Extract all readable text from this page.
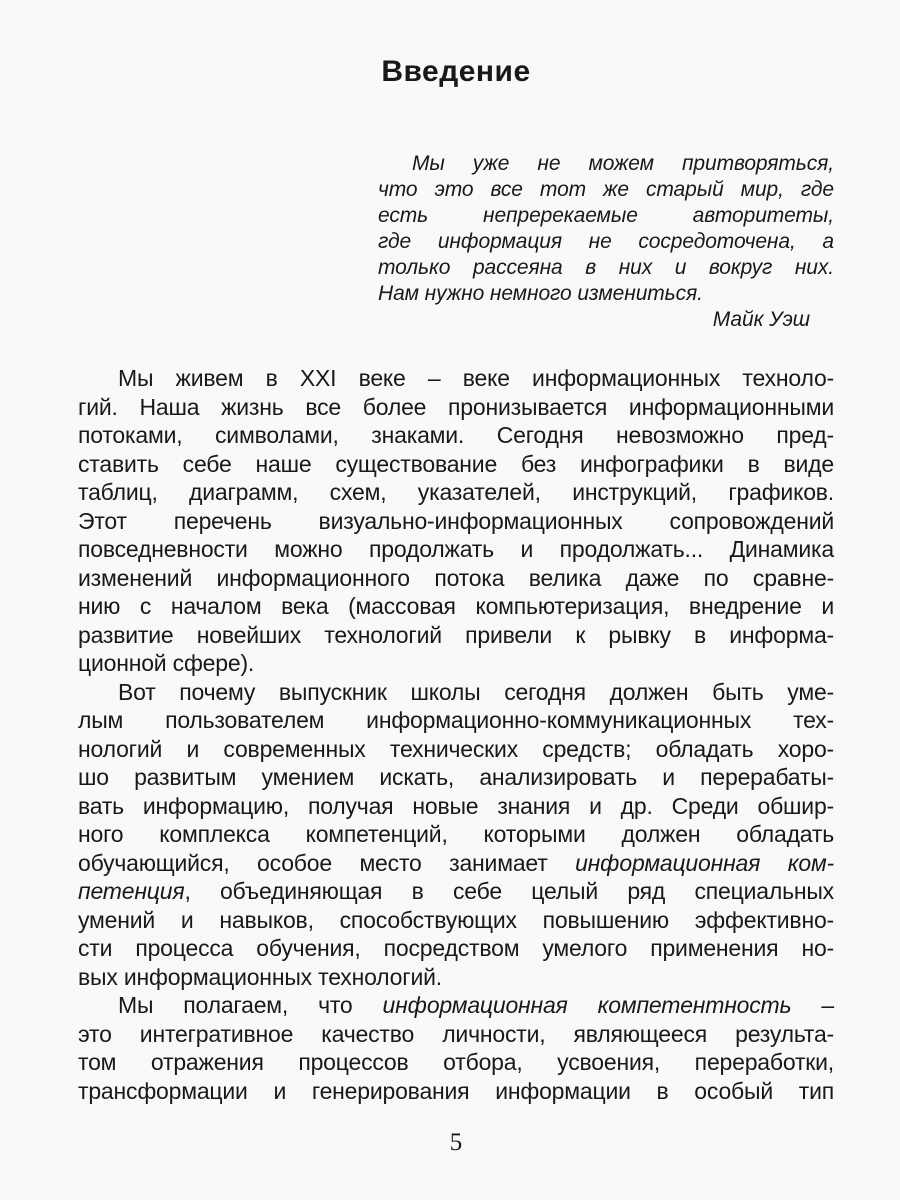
Введение
Мы уже не можем притворяться,
что это все тот же старый мир, где
есть непререкаемые авторитеты,
где информация не сосредоточена, а
только рассеяна в них и вокруг них.
Нам нужно немного измениться.
Майк Уэш
Мы живем в XXI веке – веке информационных техноло-
гий. Наша жизнь все более пронизывается информационными
потоками, символами, знаками. Сегодня невозможно пред-
ставить себе наше существование без инфографики в виде
таблиц, диаграмм, схем, указателей, инструкций, графиков.
Этот перечень визуально-информационных сопровождений
повседневности можно продолжать и продолжать... Динамика
изменений информационного потока велика даже по сравне-
нию с началом века (массовая компьютеризация, внедрение и
развитие новейших технологий привели к рывку в информа-
ционной сфере).
Вот почему выпускник школы сегодня должен быть уме-
лым пользователем информационно-коммуникационных тех-
нологий и современных технических средств; обладать хоро-
шо развитым умением искать, анализировать и перерабаты-
вать информацию, получая новые знания и др. Среди обшир-
ного комплекса компетенций, которыми должен обладать
обучающийся, особое место занимает информационная ком-
петенция, объединяющая в себе целый ряд специальных
умений и навыков, способствующих повышению эффективно-
сти процесса обучения, посредством умелого применения но-
вых информационных технологий.
Мы полагаем, что информационная компетентность –
это интегративное качество личности, являющееся результа-
том отражения процессов отбора, усвоения, переработки,
трансформации и генерирования информации в особый тип
5
